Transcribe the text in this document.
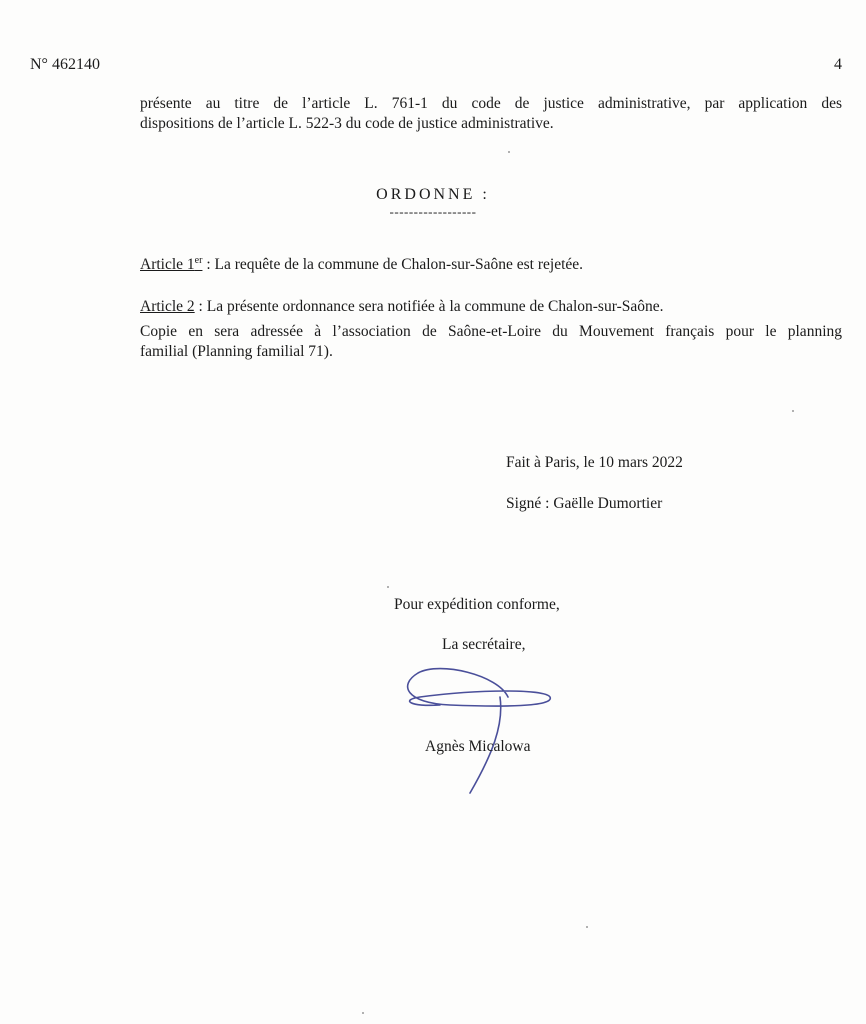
N° 462140	4
présente au titre de l’article L. 761-1 du code de justice administrative, par application des
dispositions de l’article L. 522-3 du code de justice administrative.
ORDONNE :
------------------
Article 1er : La requête de la commune de Chalon-sur-Saône est rejetée.
Article 2 : La présente ordonnance sera notifiée à la commune de Chalon-sur-Saône.
Copie en sera adressée à l’association de Saône-et-Loire du Mouvement français pour le planning
familial (Planning familial 71).
Fait à Paris, le 10 mars 2022
Signé : Gaëlle Dumortier
Pour expédition conforme,
La secrétaire,
Agnès Micalowa
